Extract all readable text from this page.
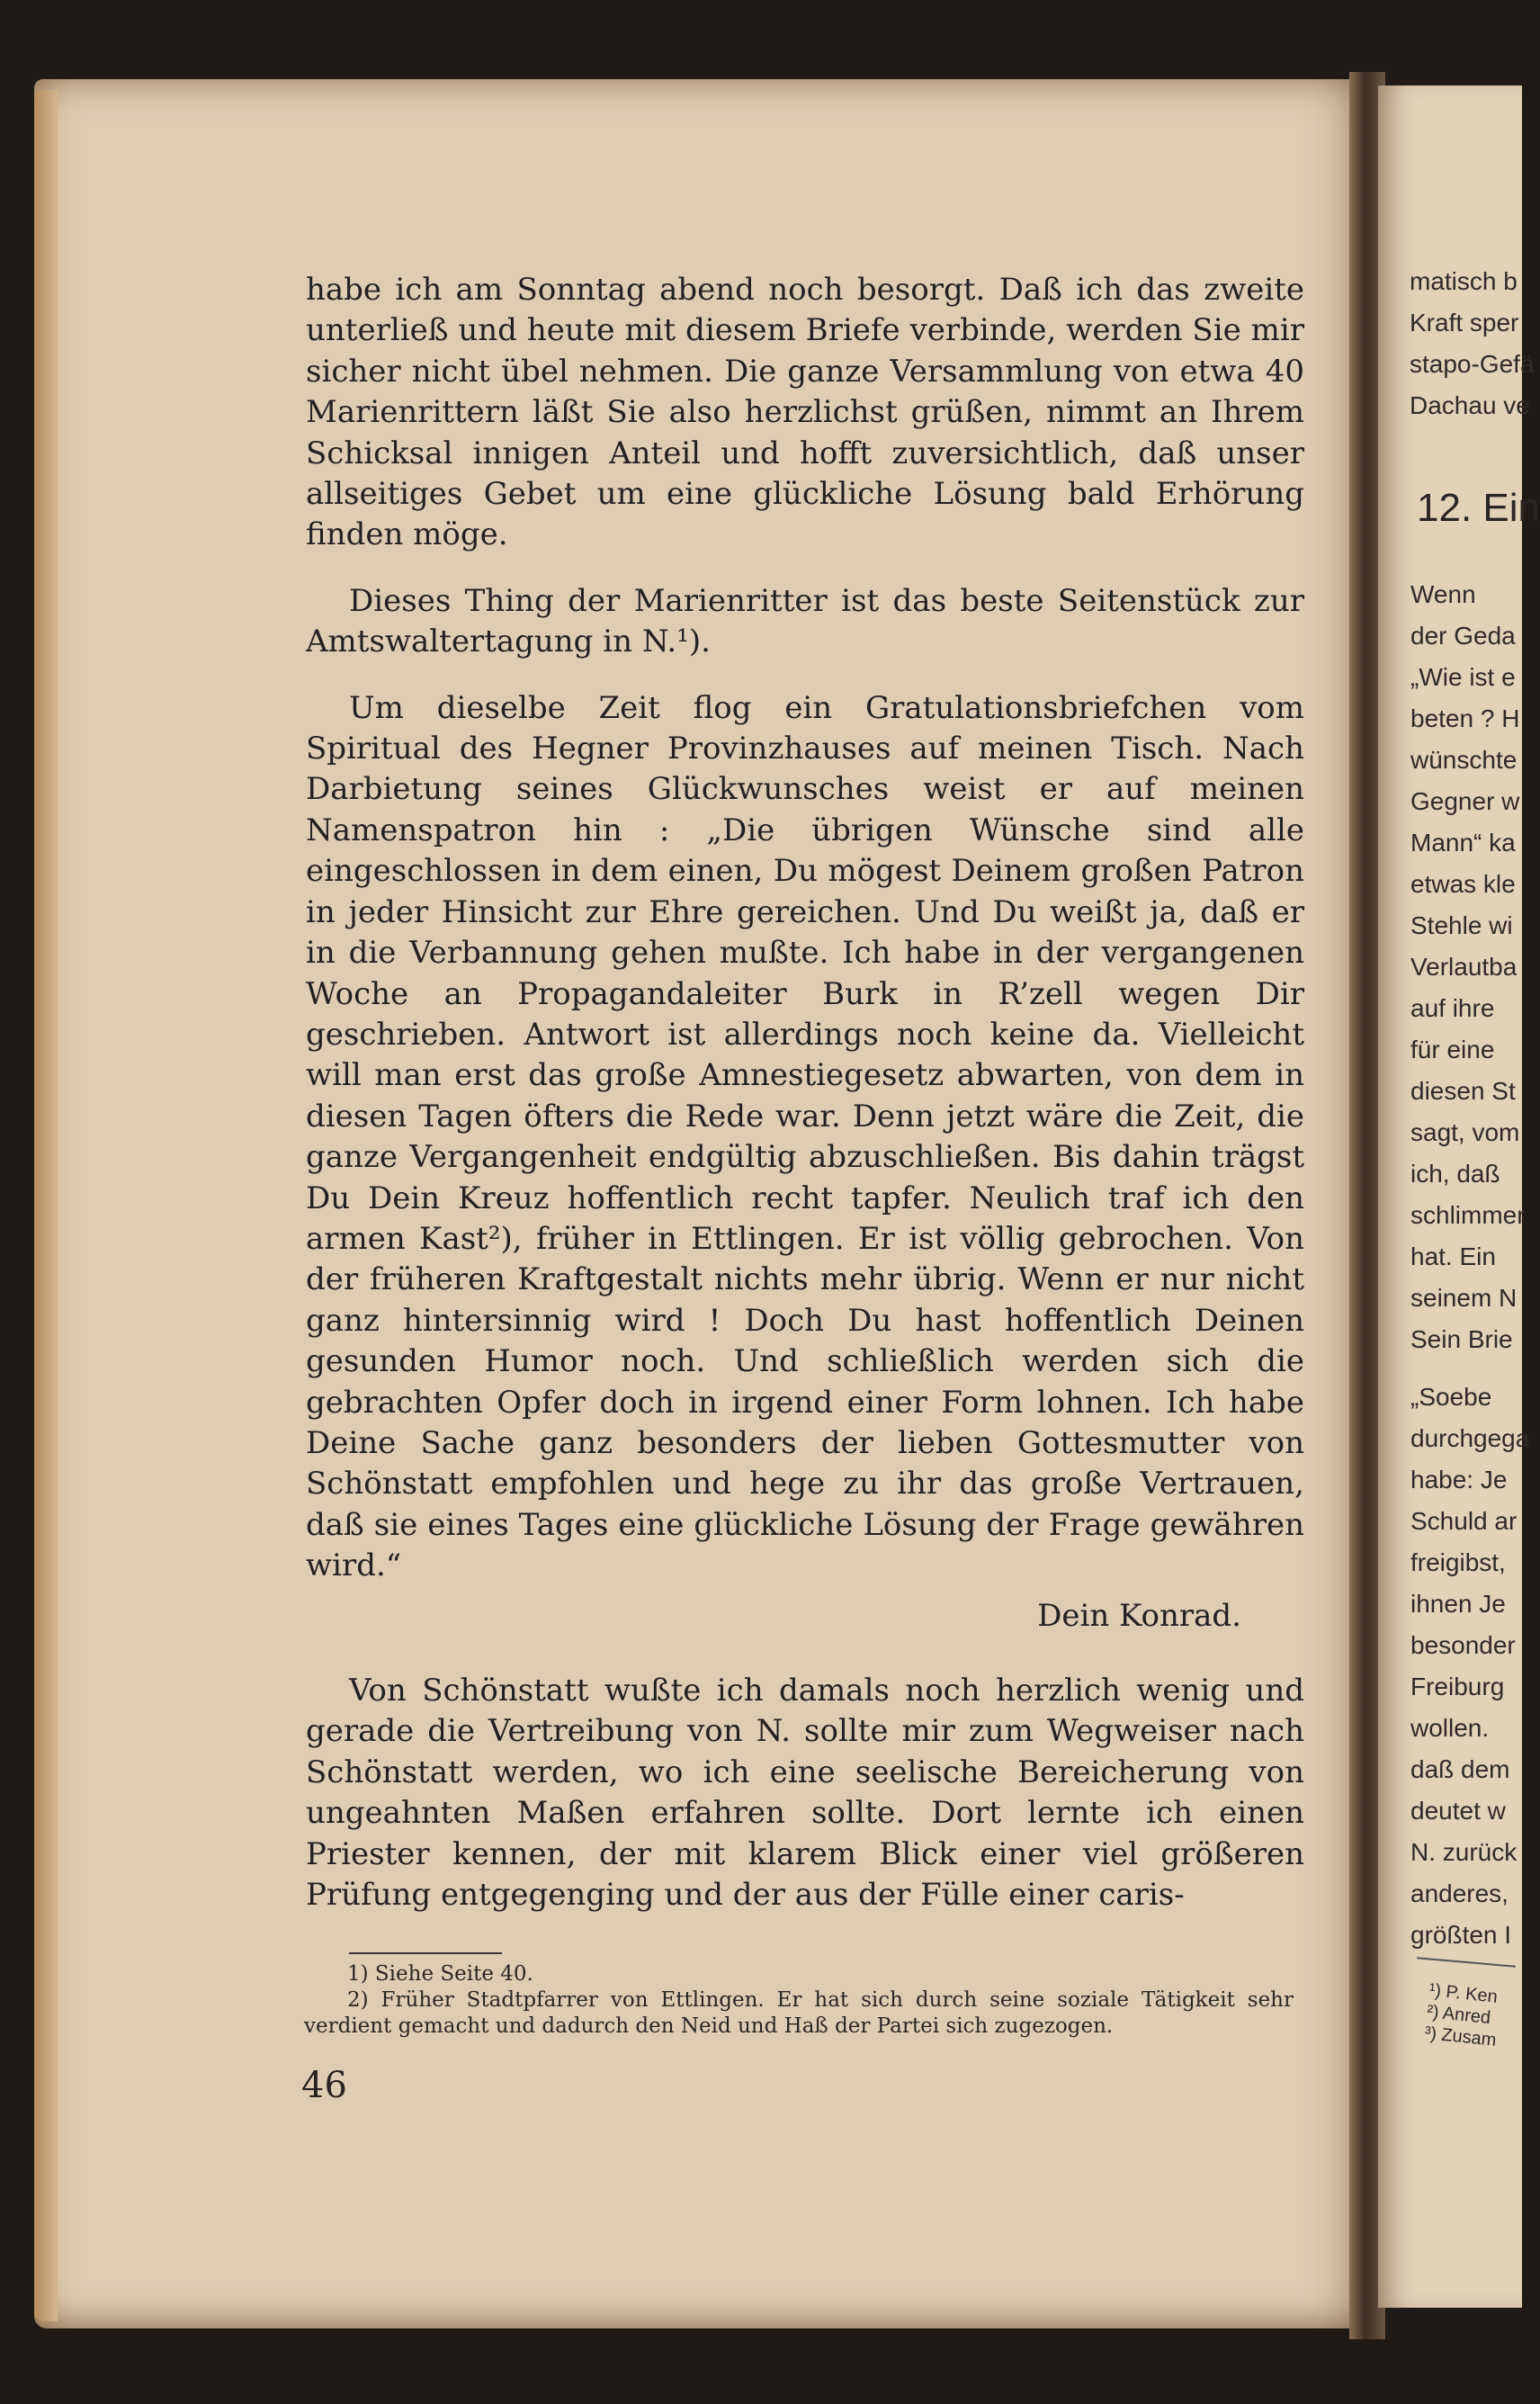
habe ich am Sonntag abend noch besorgt. Daß ich das zweite unterließ und heute mit diesem Briefe verbinde, werden Sie mir sicher nicht übel nehmen. Die ganze Versammlung von etwa 40 Marienrittern läßt Sie also herzlichst grüßen, nimmt an Ihrem Schicksal innigen Anteil und hofft zuversichtlich, daß unser allseitiges Gebet um eine glückliche Lösung bald Erhörung finden möge.

Dieses Thing der Marienritter ist das beste Seitenstück zur Amtswaltertagung in N.¹).

Um dieselbe Zeit flog ein Gratulationsbriefchen vom Spiritual des Hegner Provinzhauses auf meinen Tisch. Nach Darbietung seines Glückwunsches weist er auf meinen Namenspatron hin : „Die übrigen Wünsche sind alle eingeschlossen in dem einen, Du mögest Deinem großen Patron in jeder Hinsicht zur Ehre gereichen. Und Du weißt ja, daß er in die Verbannung gehen mußte. Ich habe in der vergangenen Woche an Propagandaleiter Burk in R’zell wegen Dir geschrieben. Antwort ist allerdings noch keine da. Vielleicht will man erst das große Amnestiegesetz abwarten, von dem in diesen Tagen öfters die Rede war. Denn jetzt wäre die Zeit, die ganze Vergangenheit endgültig abzuschließen. Bis dahin trägst Du Dein Kreuz hoffentlich recht tapfer. Neulich traf ich den armen Kast²), früher in Ettlingen. Er ist völlig gebrochen. Von der früheren Kraftgestalt nichts mehr übrig. Wenn er nur nicht ganz hintersinnig wird ! Doch Du hast hoffentlich Deinen gesunden Humor noch. Und schließlich werden sich die gebrachten Opfer doch in irgend einer Form lohnen. Ich habe Deine Sache ganz besonders der lieben Gottesmutter von Schönstatt empfohlen und hege zu ihr das große Vertrauen, daß sie eines Tages eine glückliche Lösung der Frage gewähren wird.“

Dein Konrad.

Von Schönstatt wußte ich damals noch herzlich wenig und gerade die Vertreibung von N. sollte mir zum Wegweiser nach Schönstatt werden, wo ich eine seelische Bereicherung von ungeahnten Maßen erfahren sollte. Dort lernte ich einen Priester kennen, der mit klarem Blick einer viel größeren Prüfung entgegenging und der aus der Fülle einer caris-

1) Siehe Seite 40.

2) Früher Stadtpfarrer von Ettlingen. Er hat sich durch seine soziale Tätigkeit sehr verdient gemacht und dadurch den Neid und Haß der Partei sich zugezogen.

46
matisch b
Kraft sper
stapo-Gefä
Dachau ve
12. Ein
Wenn
der Geda
„Wie ist e
beten ? H
wünschte
Gegner w
Mann“ ka
etwas kle
Stehle wi
Verlautba
auf ihre
für eine
diesen St
sagt, vom
ich, daß
schlimmer
hat. Ein
seinem N
Sein Brie
„Soebe
durchgega
habe: Je
Schuld ar
freigibst,
ihnen Je
besonder
Freiburg
wollen.
daß dem
deutet w
N. zurück
anderes,
größten I
¹) P. Ken
²) Anred
³) Zusam
